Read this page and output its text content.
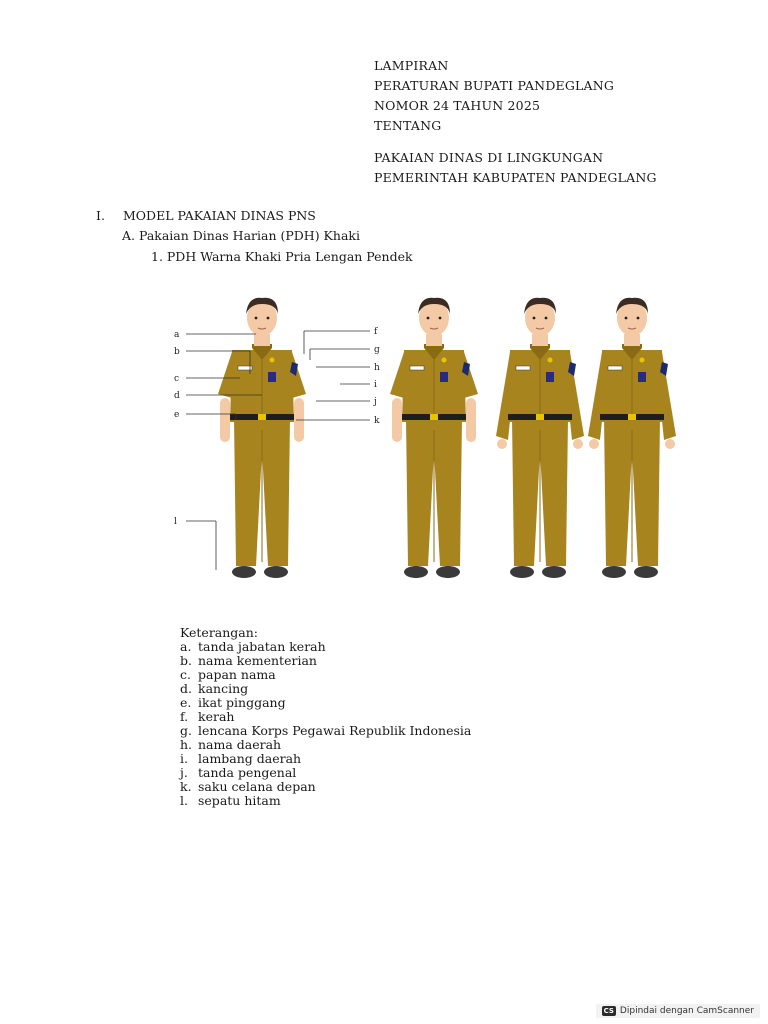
LAMPIRAN
PERATURAN BUPATI PANDEGLANG
NOMOR 24 TAHUN 2025
TENTANG
PAKAIAN DINAS DI LINGKUNGAN
PEMERINTAH KABUPATEN PANDEGLANG
I. MODEL PAKAIAN DINAS PNS
A. Pakaian Dinas Harian (PDH) Khaki
1. PDH Warna Khaki Pria Lengan Pendek
a
b
c
d
e
l
f
g
h
i
j
k
Keterangan:
a. tanda jabatan kerah
b. nama kementerian
c. papan nama
d. kancing
e. ikat pinggang
f. kerah
g. lencana Korps Pegawai Republik Indonesia
h. nama daerah
i. lambang daerah
j. tanda pengenal
k. saku celana depan
l. sepatu hitam
CS Dipindai dengan CamScanner
